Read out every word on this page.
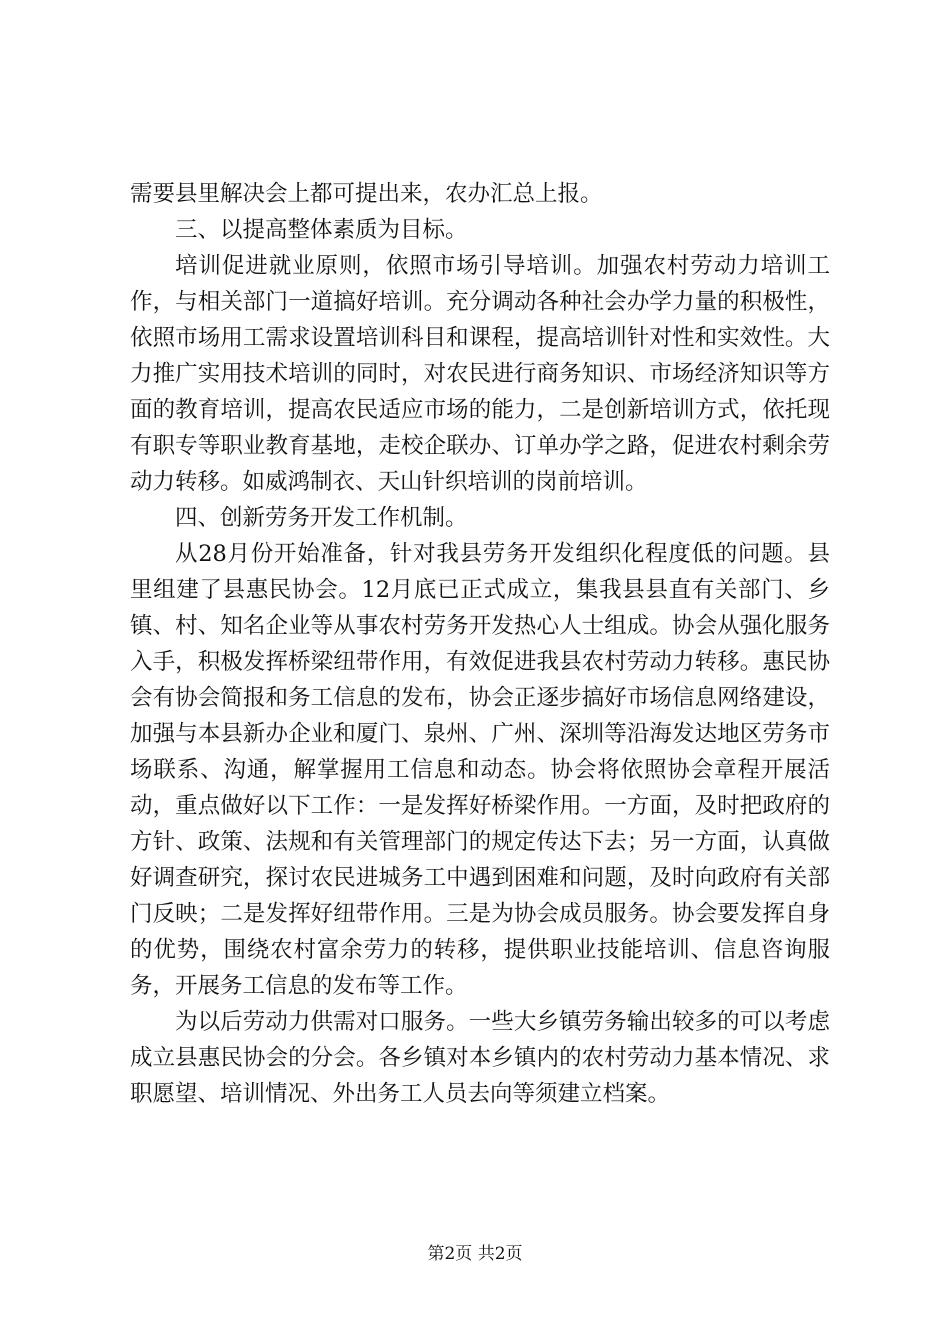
需要县里解决会上都可提出来，农办汇总上报。

三、以提高整体素质为目标。

培训促进就业原则，依照市场引导培训。加强农村劳动力培训工作，与相关部门一道搞好培训。充分调动各种社会办学力量的积极性，依照市场用工需求设置培训科目和课程，提高培训针对性和实效性。大力推广实用技术培训的同时，对农民进行商务知识、市场经济知识等方面的教育培训，提高农民适应市场的能力，二是创新培训方式，依托现有职专等职业教育基地，走校企联办、订单办学之路，促进农村剩余劳动力转移。如威鸿制衣、天山针织培训的岗前培训。

四、创新劳务开发工作机制。

从28月份开始准备，针对我县劳务开发组织化程度低的问题。县里组建了县惠民协会。12月底已正式成立，集我县县直有关部门、乡镇、村、知名企业等从事农村劳务开发热心人士组成。协会从强化服务入手，积极发挥桥梁纽带作用，有效促进我县农村劳动力转移。惠民协会有协会简报和务工信息的发布，协会正逐步搞好市场信息网络建设，加强与本县新办企业和厦门、泉州、广州、深圳等沿海发达地区劳务市场联系、沟通，解掌握用工信息和动态。协会将依照协会章程开展活动，重点做好以下工作：一是发挥好桥梁作用。一方面，及时把政府的方针、政策、法规和有关管理部门的规定传达下去；另一方面，认真做好调查研究，探讨农民进城务工中遇到困难和问题，及时向政府有关部门反映；二是发挥好纽带作用。三是为协会成员服务。协会要发挥自身的优势，围绕农村富余劳力的转移，提供职业技能培训、信息咨询服务，开展务工信息的发布等工作。

为以后劳动力供需对口服务。一些大乡镇劳务输出较多的可以考虑成立县惠民协会的分会。各乡镇对本乡镇内的农村劳动力基本情况、求职愿望、培训情况、外出务工人员去向等须建立档案。

第2页 共2页
